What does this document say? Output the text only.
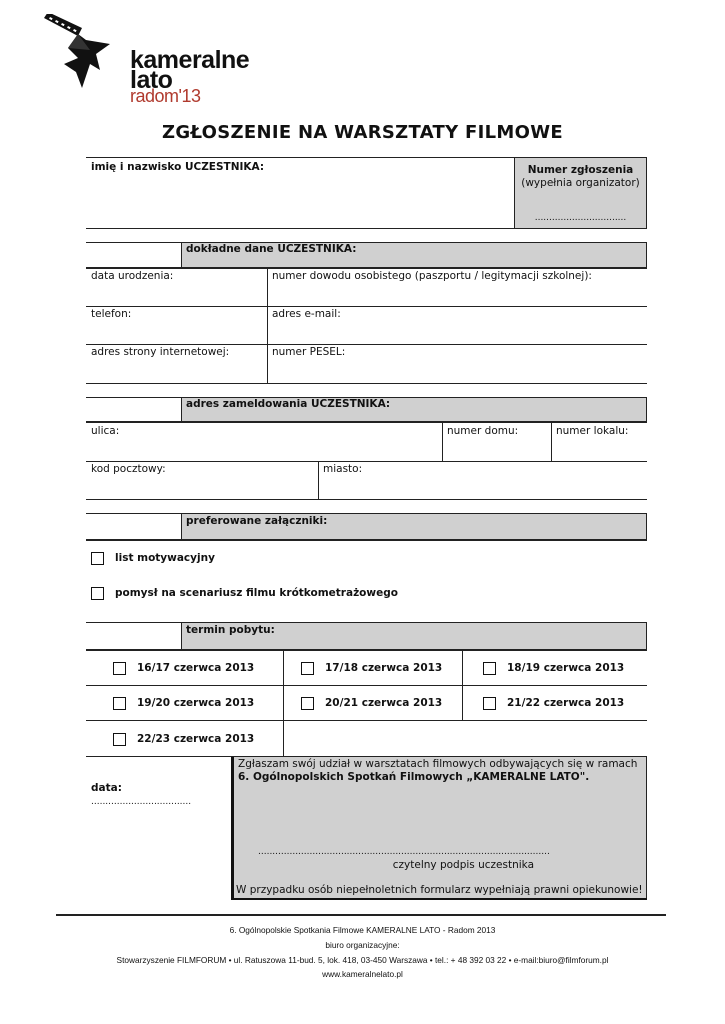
kameralne
lato
radom'13
ZGŁOSZENIE NA WARSZTATY FILMOWE
imię i nazwisko UCZESTNIKA:	Numer zgłoszenia
(wypełnia organizator)
................................
dokładne dane UCZESTNIKA:
data urodzenia:	numer dowodu osobistego (paszportu / legitymacji szkolnej):
telefon:	adres e-mail:
adres strony internetowej:	numer PESEL:
adres zameldowania UCZESTNIKA:
ulica:	numer domu:	numer lokalu:
kod pocztowy:	miasto:
preferowane załączniki:
list motywacyjny
pomysł na scenariusz filmu krótkometrażowego
termin pobytu:
16/17 czerwca 2013	17/18 czerwca 2013	18/19 czerwca 2013
19/20 czerwca 2013	20/21 czerwca 2013	21/22 czerwca 2013
22/23 czerwca 2013
data:
...................................
Zgłaszam swój udział w warsztatach filmowych odbywających się w ramach
6. Ogólnopolskich Spotkań Filmowych „KAMERALNE LATO".
......................................................................................................
czytelny podpis uczestnika
W przypadku osób niepełnoletnich formularz wypełniają prawni opiekunowie!
6. Ogólnopolskie Spotkania Filmowe KAMERALNE LATO - Radom 2013
biuro organizacyjne:
Stowarzyszenie FILMFORUM • ul. Ratuszowa 11-bud. 5, lok. 418, 03-450 Warszawa • tel.: + 48 392 03 22 • e-mail:biuro@filmforum.pl
www.kameralnelato.pl
